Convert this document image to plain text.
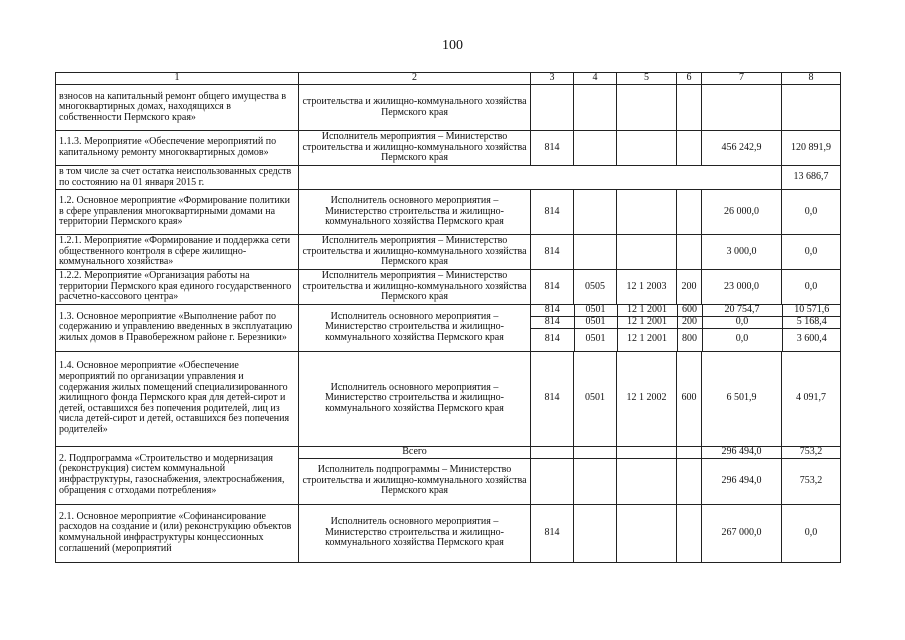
100
1	2	3	4	5	6	7	8
взносов на капитальный ремонт общего имущества в многоквартирных домах, находящихся в собственности Пермского края»	строительства и жилищно-коммунального хозяйства Пермского края						
1.1.3. Мероприятие «Обеспечение мероприятий по капитальному ремонту многоквартирных домов»	Исполнитель мероприятия – Министерство строительства и жилищно-коммунального хозяйства Пермского края	814				456 242,9	120 891,9
в том числе за счет остатка неиспользованных средств по состоянию на 01 января 2015 г.		13 686,7
1.2. Основное мероприятие «Формирование политики в сфере управления многоквартирными домами на территории Пермского края»	Исполнитель основного мероприятия – Министерство строительства и жилищно-коммунального хозяйства Пермского края	814				26 000,0	0,0
1.2.1. Мероприятие «Формирование и поддержка сети общественного контроля в сфере жилищно-коммунального хозяйства»	Исполнитель мероприятия – Министерство строительства и жилищно-коммунального хозяйства Пермского края	814				3 000,0	0,0
1.2.2. Мероприятие «Организация работы на территории Пермского края единого государственного расчетно-кассового центра»	Исполнитель мероприятия – Министерство строительства и жилищно-коммунального хозяйства Пермского края	814	0505	12 1 2003	200	23 000,0	0,0
1.3. Основное мероприятие «Выполнение работ по содержанию и управлению введенных в эксплуатацию жилых домов в Правобережном районе г. Березники»	Исполнитель основного мероприятия – Министерство строительства и жилищно-коммунального хозяйства Пермского края	
814	0501	12 1 2001	600	20 754,7	10 571,6
814	0501	12 1 2001	200	0,0	5 168,4
814	0501	12 1 2001	800	0,0	3 600,4

1.4. Основное мероприятие «Обеспечение мероприятий по организации управления и содержания жилых помещений специализированного жилищного фонда Пермского края для детей-сирот и детей, оставшихся без попечения родителей, лиц из числа детей-сирот и детей, оставшихся без попечения родителей»	Исполнитель основного мероприятия – Министерство строительства и жилищно-коммунального хозяйства Пермского края	814	0501	12 1 2002	600	6 501,9	4 091,7
2. Подпрограмма «Строительство и модернизация (реконструкция) систем коммунальной инфраструктуры, газоснабжения, электроснабжения, обращения с отходами потребления»	Всего					296 494,0	753,2
Исполнитель подпрограммы – Министерство строительства и жилищно-коммунального хозяйства Пермского края					296 494,0	753,2
2.1. Основное мероприятие «Софинансирование расходов на создание и (или) реконструкцию объектов коммунальной инфраструктуры концессионных соглашений (мероприятий	Исполнитель основного мероприятия – Министерство строительства и жилищно-коммунального хозяйства Пермского края	814				267 000,0	0,0
